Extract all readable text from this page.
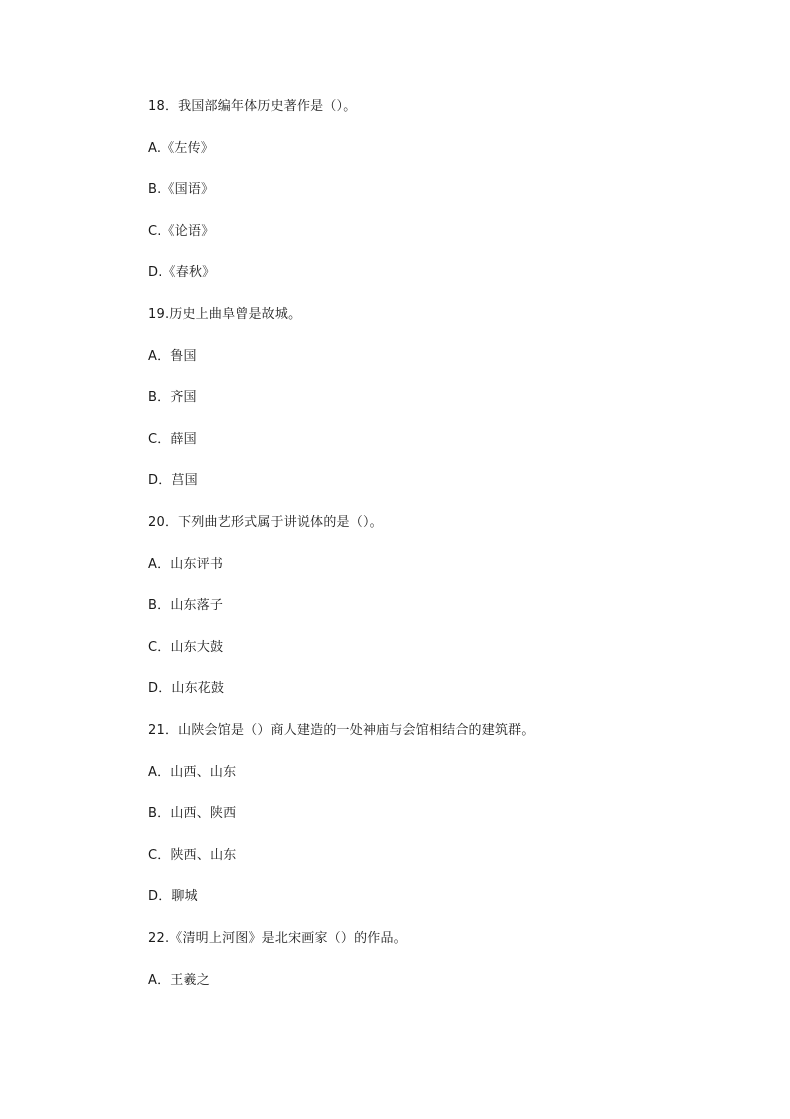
18．我国部编年体历史著作是（）。
A.《左传》
B.《国语》
C.《论语》
D.《春秋》
19.历史上曲阜曾是故城。
A．鲁国
B．齐国
C．薛国
D．莒国
20．下列曲艺形式属于讲说体的是（）。
A．山东评书
B．山东落子
C．山东大鼓
D．山东花鼓
21．山陕会馆是（）商人建造的一处神庙与会馆相结合的建筑群。
A．山西、山东
B．山西、陕西
C．陕西、山东
D．聊城
22.《清明上河图》是北宋画家（）的作品。
A．王羲之
